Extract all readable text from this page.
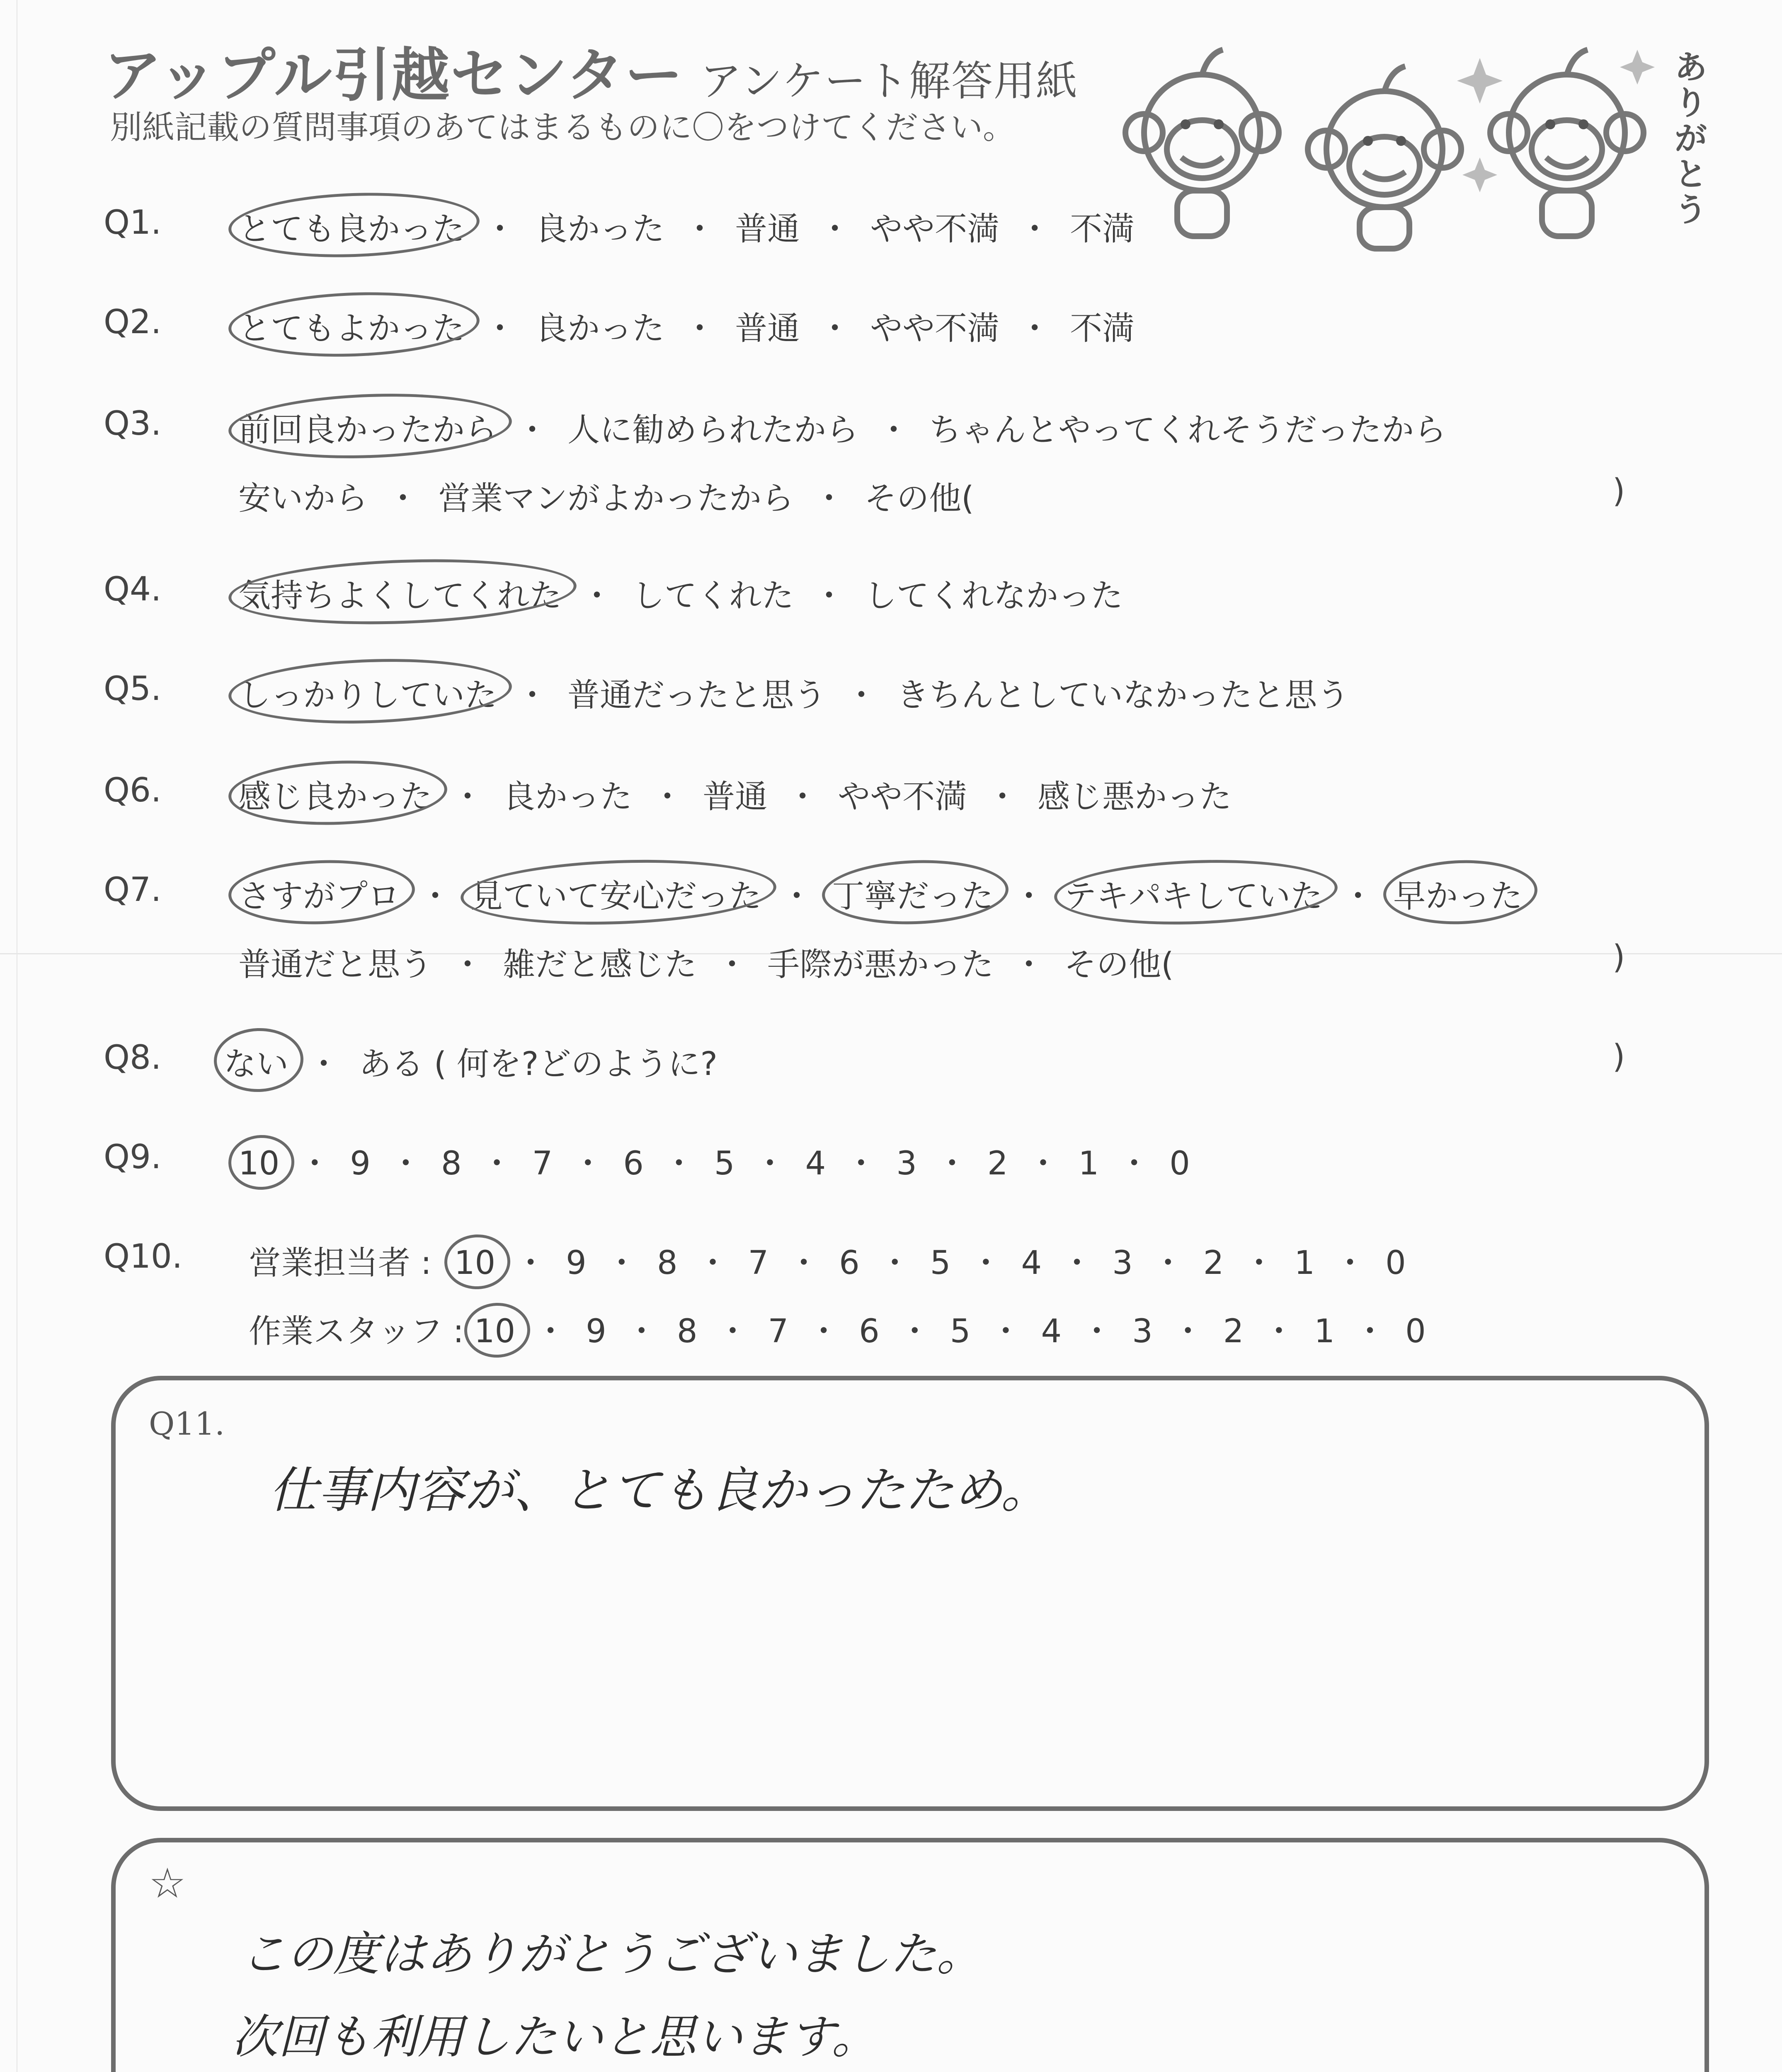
アップル引越センター アンケート解答用紙
別紙記載の質問事項のあてはまるものに〇をつけてください。
ありがとう
Q1. とても良かった ・ 良かった ・ 普通 ・ やや不満 ・ 不満
Q2. とてもよかった ・ 良かった ・ 普通 ・ やや不満 ・ 不満
Q3. 前回良かったから ・ 人に勧められたから ・ ちゃんとやってくれそうだったから
安いから ・ 営業マンがよかったから ・ その他(	)
Q4. 気持ちよくしてくれた ・ してくれた ・ してくれなかった
Q5. しっかりしていた ・ 普通だったと思う ・ きちんとしていなかったと思う
Q6. 感じ良かった ・ 良かった ・ 普通 ・ やや不満 ・ 感じ悪かった
Q7. さすがプロ ・ 見ていて安心だった ・ 丁寧だった ・ テキパキしていた ・ 早かった
普通だと思う ・ 雑だと感じた ・ 手際が悪かった ・ その他(	)
Q8. ない ・ ある ( 何を?どのように?	)
Q9. 10 ・ 9 ・ 8 ・ 7 ・ 6 ・ 5 ・ 4 ・ 3 ・ 2 ・ 1 ・ 0
Q10. 営業担当者 : 10 ・ 9 ・ 8 ・ 7 ・ 6 ・ 5 ・ 4 ・ 3 ・ 2 ・ 1 ・ 0
作業スタッフ : 10 ・ 9 ・ 8 ・ 7 ・ 6 ・ 5 ・ 4 ・ 3 ・ 2 ・ 1 ・ 0
Q11.
仕事内容が、とても良かったため。
☆
この度はありがとうございました。
次回も利用したいと思います。
